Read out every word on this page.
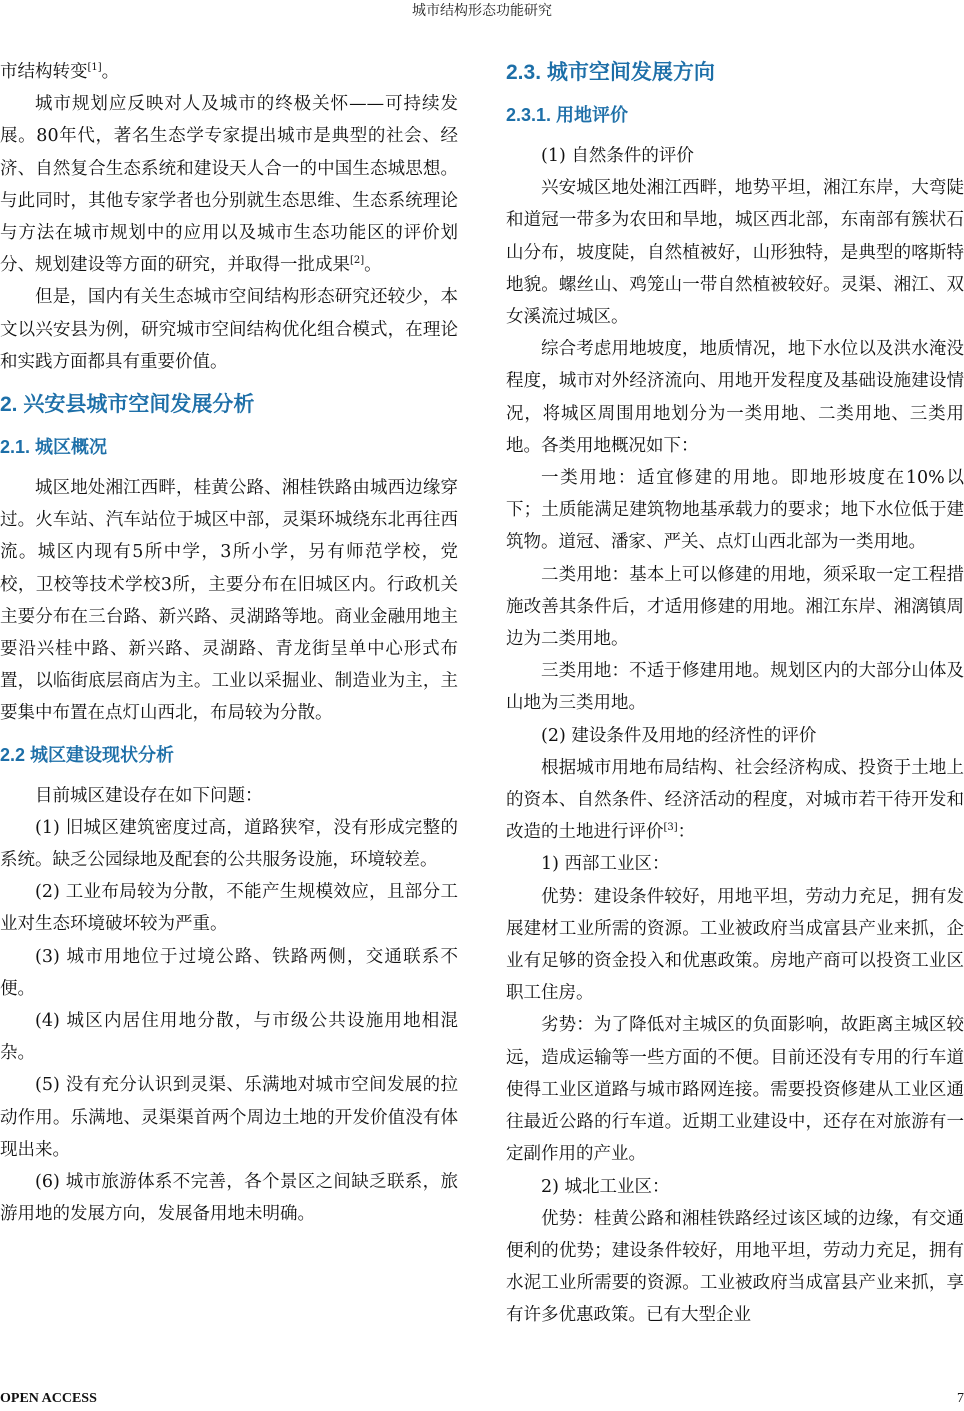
城市结构形态功能研究

市结构转变[1]。

城市规划应反映对人及城市的终极关怀——可持续发展。80年代，著名生态学专家提出城市是典型的社会、经济、自然复合生态系统和建设天人合一的中国生态城思想。与此同时，其他专家学者也分别就生态思维、生态系统理论与方法在城市规划中的应用以及城市生态功能区的评价划分、规划建设等方面的研究，并取得一批成果[2]。

但是，国内有关生态城市空间结构形态研究还较少，本文以兴安县为例，研究城市空间结构优化组合模式，在理论和实践方面都具有重要价值。

2. 兴安县城市空间发展分析
2.1. 城区概况

城区地处湘江西畔，桂黄公路、湘桂铁路由城西边缘穿过。火车站、汽车站位于城区中部，灵渠环城绕东北再往西流。城区内现有5所中学，3所小学，另有师范学校，党校，卫校等技术学校3所，主要分布在旧城区内。行政机关主要分布在三台路、新兴路、灵湖路等地。商业金融用地主要沿兴桂中路、新兴路、灵湖路、青龙街呈单中心形式布置，以临街底层商店为主。工业以采掘业、制造业为主，主要集中布置在点灯山西北，布局较为分散。

2.2 城区建设现状分析

目前城区建设存在如下问题：

(1) 旧城区建筑密度过高，道路狭窄，没有形成完整的系统。缺乏公园绿地及配套的公共服务设施，环境较差。

(2) 工业布局较为分散，不能产生规模效应，且部分工业对生态环境破坏较为严重。

(3) 城市用地位于过境公路、铁路两侧，交通联系不便。

(4) 城区内居住用地分散，与市级公共设施用地相混杂。

(5) 没有充分认识到灵渠、乐满地对城市空间发展的拉动作用。乐满地、灵渠渠首两个周边土地的开发价值没有体现出来。

(6) 城市旅游体系不完善，各个景区之间缺乏联系，旅游用地的发展方向，发展备用地未明确。

2.3. 城市空间发展方向
2.3.1. 用地评价

(1) 自然条件的评价

兴安城区地处湘江西畔，地势平坦，湘江东岸，大弯陡和道冠一带多为农田和旱地，城区西北部，东南部有簇状石山分布，坡度陡，自然植被好，山形独特，是典型的喀斯特地貌。螺丝山、鸡笼山一带自然植被较好。灵渠、湘江、双女溪流过城区。

综合考虑用地坡度，地质情况，地下水位以及洪水淹没程度，城市对外经济流向、用地开发程度及基础设施建设情况，将城区周围用地划分为一类用地、二类用地、三类用地。各类用地概况如下：

一类用地：适宜修建的用地。即地形坡度在10%以下；土质能满足建筑物地基承载力的要求；地下水位低于建筑物。道冠、潘家、严关、点灯山西北部为一类用地。

二类用地：基本上可以修建的用地，须采取一定工程措施改善其条件后，才适用修建的用地。湘江东岸、湘漓镇周边为二类用地。

三类用地：不适于修建用地。规划区内的大部分山体及山地为三类用地。

(2) 建设条件及用地的经济性的评价

根据城市用地布局结构、社会经济构成、投资于土地上的资本、自然条件、经济活动的程度，对城市若干待开发和改造的土地进行评价[3]：

1) 西部工业区：

优势：建设条件较好，用地平坦，劳动力充足，拥有发展建材工业所需的资源。工业被政府当成富县产业来抓，企业有足够的资金投入和优惠政策。房地产商可以投资工业区职工住房。

劣势：为了降低对主城区的负面影响，故距离主城区较远，造成运输等一些方面的不便。目前还没有专用的行车道使得工业区道路与城市路网连接。需要投资修建从工业区通往最近公路的行车道。近期工业建设中，还存在对旅游有一定副作用的产业。

2) 城北工业区：

优势：桂黄公路和湘桂铁路经过该区域的边缘，有交通便利的优势；建设条件较好，用地平坦，劳动力充足，拥有水泥工业所需要的资源。工业被政府当成富县产业来抓，享有许多优惠政策。已有大型企业

OPEN ACCESS	7
